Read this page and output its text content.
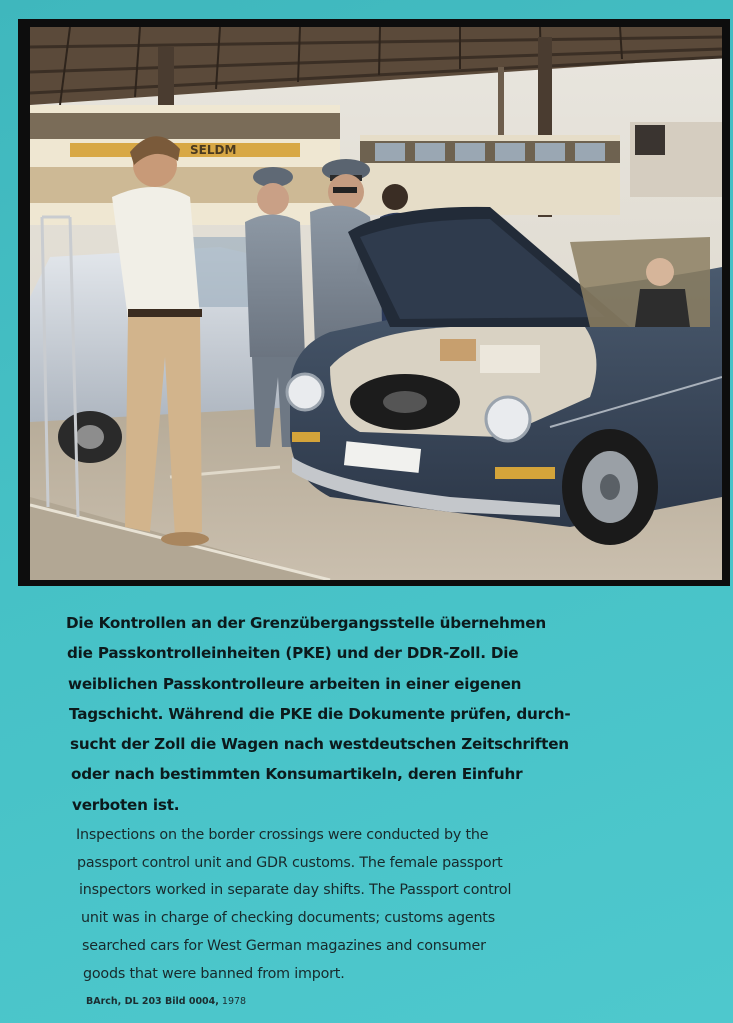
SELDM

Die Kontrollen an der Grenzübergangsstelle übernehmen
die Passkontrolleinheiten (PKE) und der DDR-Zoll. Die
weiblichen Passkontrolleure arbeiten in einer eigenen
Tagschicht. Während die PKE die Dokumente prüfen, durch-
sucht der Zoll die Wagen nach westdeutschen Zeitschriften
oder nach bestimmten Konsumartikeln, deren Einfuhr
verboten ist.

Inspections on the border crossings were conducted by the
passport control unit and GDR customs. The female passport
inspectors worked in separate day shifts. The Passport control
unit was in charge of checking documents; customs agents
searched cars for West German magazines and consumer
goods that were banned from import.

BArch, DL 203 Bild 0004, 1978
